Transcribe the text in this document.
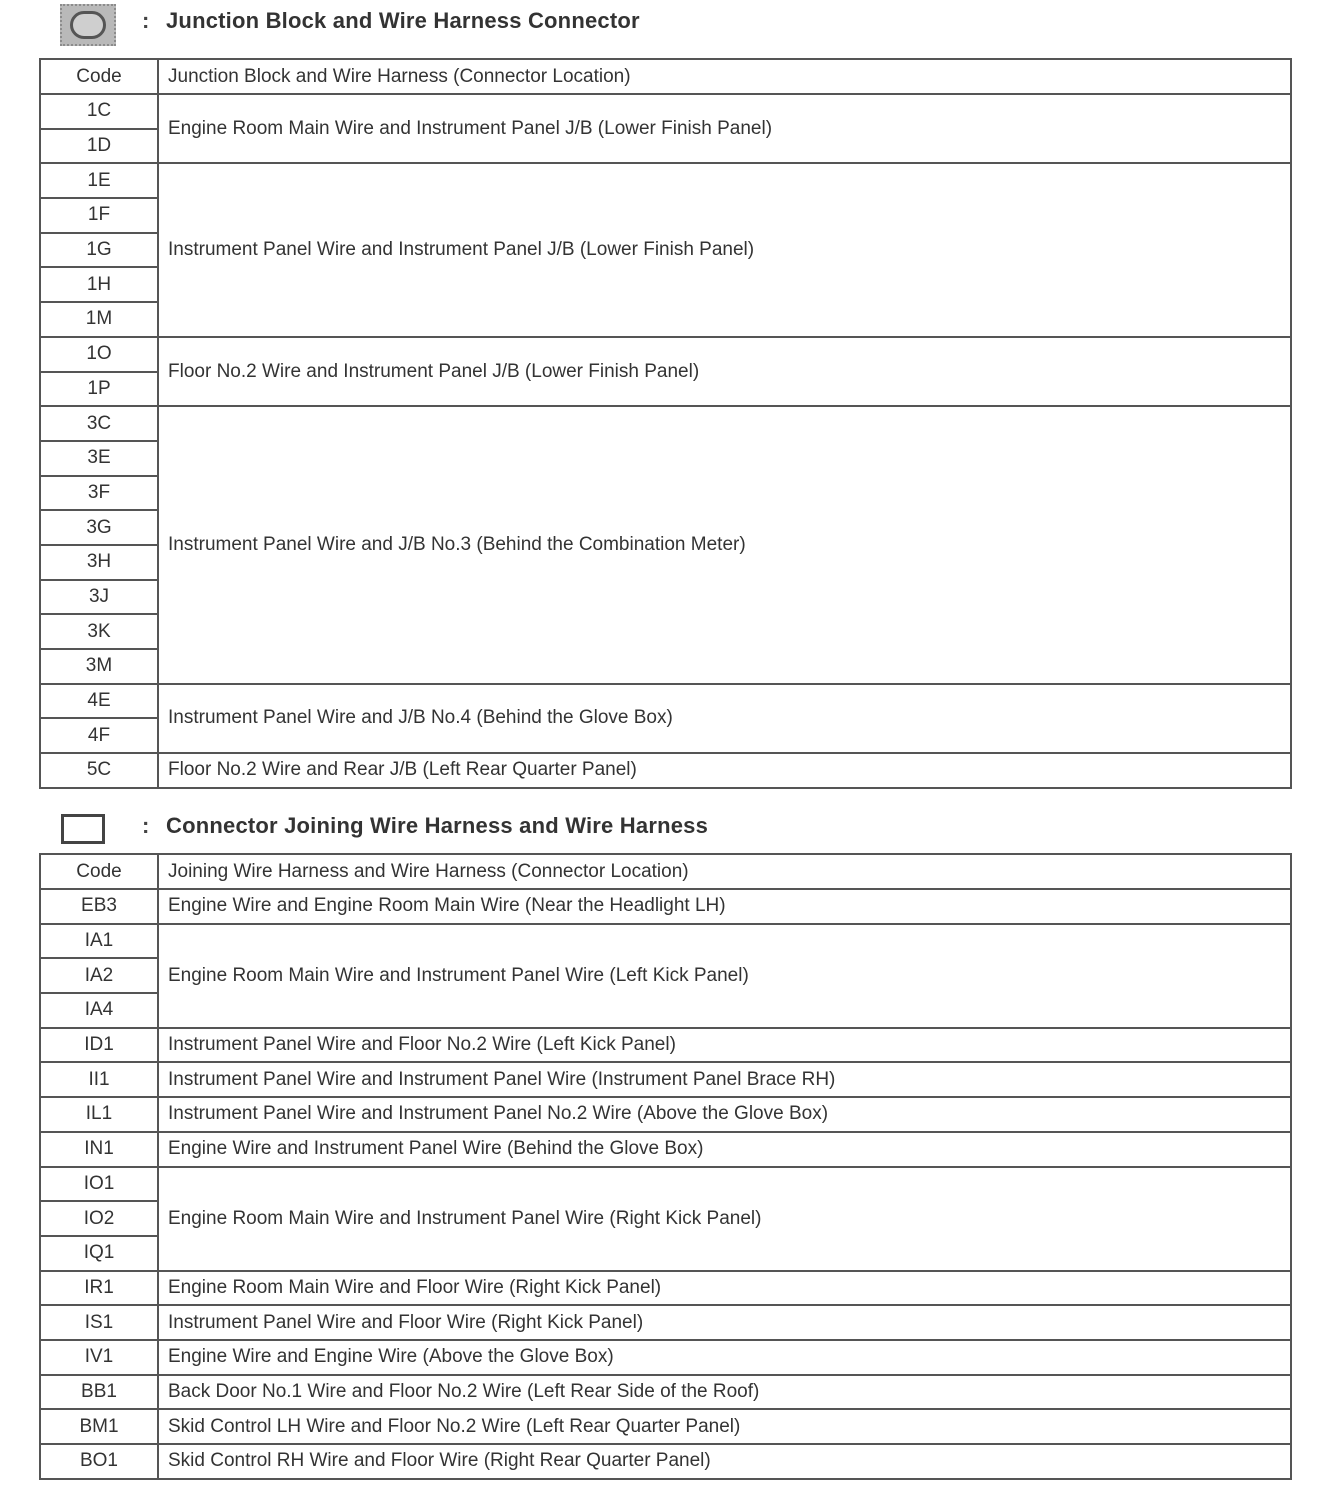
: Junction Block and Wire Harness Connector
Code	Junction Block and Wire Harness (Connector Location)
1C	Engine Room Main Wire and Instrument Panel J/B (Lower Finish Panel)
1D	
1E	Instrument Panel Wire and Instrument Panel J/B (Lower Finish Panel)
1F	
1G	
1H	
1M	
1O	Floor No.2 Wire and Instrument Panel J/B (Lower Finish Panel)
1P	
3C	Instrument Panel Wire and J/B No.3 (Behind the Combination Meter)
3E	
3F	
3G	
3H	
3J	
3K	
3M	
4E	Instrument Panel Wire and J/B No.4 (Behind the Glove Box)
4F	
5C	Floor No.2 Wire and Rear J/B (Left Rear Quarter Panel)
: Connector Joining Wire Harness and Wire Harness
Code	Joining Wire Harness and Wire Harness (Connector Location)
EB3	Engine Wire and Engine Room Main Wire (Near the Headlight LH)
IA1	Engine Room Main Wire and Instrument Panel Wire (Left Kick Panel)
IA2	
IA4	
ID1	Instrument Panel Wire and Floor No.2 Wire (Left Kick Panel)
II1	Instrument Panel Wire and Instrument Panel Wire (Instrument Panel Brace RH)
IL1	Instrument Panel Wire and Instrument Panel No.2 Wire (Above the Glove Box)
IN1	Engine Wire and Instrument Panel Wire (Behind the Glove Box)
IO1	Engine Room Main Wire and Instrument Panel Wire (Right Kick Panel)
IO2	
IQ1	
IR1	Engine Room Main Wire and Floor Wire (Right Kick Panel)
IS1	Instrument Panel Wire and Floor Wire (Right Kick Panel)
IV1	Engine Wire and Engine Wire (Above the Glove Box)
BB1	Back Door No.1 Wire and Floor No.2 Wire (Left Rear Side of the Roof)
BM1	Skid Control LH Wire and Floor No.2 Wire (Left Rear Quarter Panel)
BO1	Skid Control RH Wire and Floor Wire (Right Rear Quarter Panel)
